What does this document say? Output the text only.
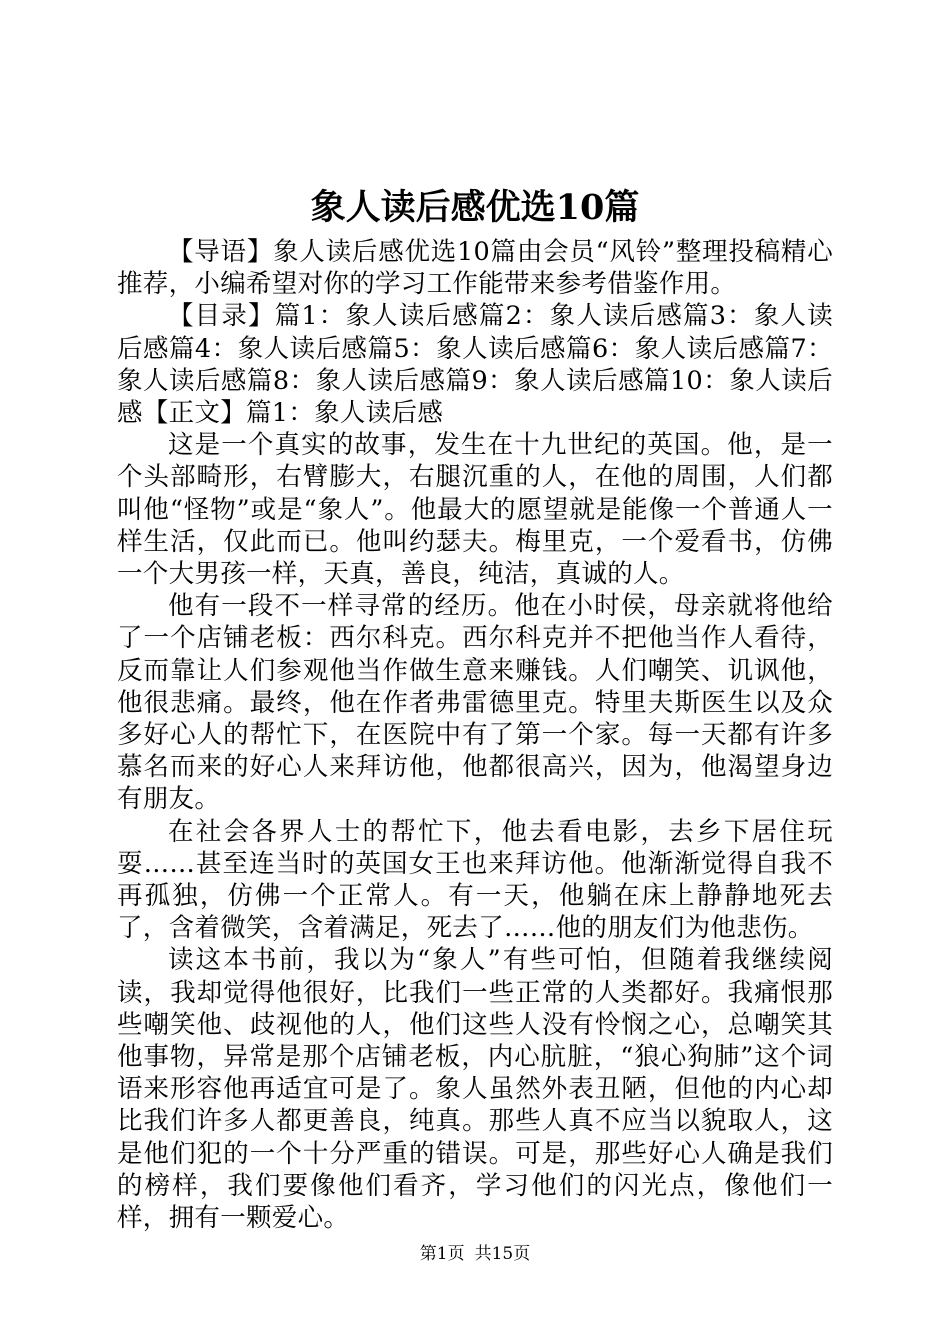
象人读后感优选10篇

【导语】象人读后感优选10篇由会员“风铃”整理投稿精心推荐，小编希望对你的学习工作能带来参考借鉴作用。

【目录】篇1：象人读后感篇2：象人读后感篇3：象人读后感篇4：象人读后感篇5：象人读后感篇6：象人读后感篇7：象人读后感篇8：象人读后感篇9：象人读后感篇10：象人读后感【正文】篇1：象人读后感

这是一个真实的故事，发生在十九世纪的英国。他，是一个头部畸形，右臂膨大，右腿沉重的人，在他的周围，人们都叫他“怪物”或是“象人”。他最大的愿望就是能像一个普通人一样生活，仅此而已。他叫约瑟夫。梅里克，一个爱看书，仿佛一个大男孩一样，天真，善良，纯洁，真诚的人。

他有一段不一样寻常的经历。他在小时侯，母亲就将他给了一个店铺老板：西尔科克。西尔科克并不把他当作人看待，反而靠让人们参观他当作做生意来赚钱。人们嘲笑、讥讽他，他很悲痛。最终，他在作者弗雷德里克。特里夫斯医生以及众多好心人的帮忙下，在医院中有了第一个家。每一天都有许多慕名而来的好心人来拜访他，他都很高兴，因为，他渴望身边有朋友。

在社会各界人士的帮忙下，他去看电影，去乡下居住玩耍……甚至连当时的英国女王也来拜访他。他渐渐觉得自我不再孤独，仿佛一个正常人。有一天，他躺在床上静静地死去了，含着微笑，含着满足，死去了……他的朋友们为他悲伤。

读这本书前，我以为“象人”有些可怕，但随着我继续阅读，我却觉得他很好，比我们一些正常的人类都好。我痛恨那些嘲笑他、歧视他的人，他们这些人没有怜悯之心，总嘲笑其他事物，异常是那个店铺老板，内心肮脏，“狼心狗肺”这个词语来形容他再适宜可是了。象人虽然外表丑陋，但他的内心却比我们许多人都更善良，纯真。那些人真不应当以貌取人，这是他们犯的一个十分严重的错误。可是，那些好心人确是我们的榜样，我们要像他们看齐，学习他们的闪光点，像他们一样，拥有一颗爱心。

第1页 共15页
